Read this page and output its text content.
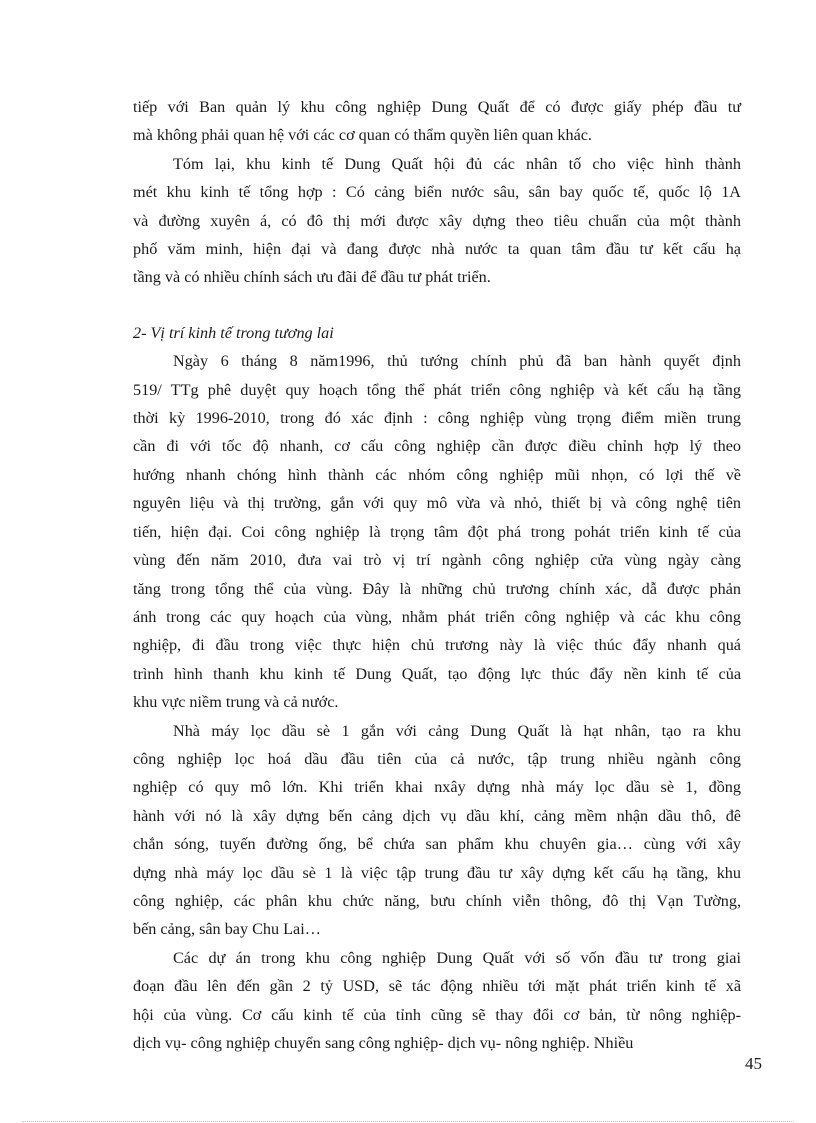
tiếp với Ban quản lý khu công nghiệp Dung Quất để có được giấy phép đầu tư
mà không phải quan hệ với các cơ quan có thẩm quyền liên quan khác.
Tóm lại, khu kinh tế Dung Quất hội đủ các nhân tố cho việc hình thành
mét khu kinh tế tổng hợp : Có cảng biển nước sâu, sân bay quốc tế, quốc lộ 1A
và đường xuyên á, có đô thị mới được xây dựng theo tiêu chuẩn của một thành
phố văm minh, hiện đại và đang được nhà nước ta quan tâm đầu tư kết cấu hạ
tầng và có nhiều chính sách ưu đãi để đầu tư phát triển.
2- Vị trí kinh tế trong tương lai
Ngày 6 tháng 8 năm1996, thủ tướng chính phủ đã ban hành quyết định
519/ TTg phê duyệt quy hoạch tổng thể phát triển công nghiệp và kết cấu hạ tầng
thời kỳ 1996-2010, trong đó xác định : công nghiệp vùng trọng điểm miền trung
cần đi với tốc độ nhanh, cơ cấu công nghiệp cần được điều chỉnh hợp lý theo
hướng nhanh chóng hình thành các nhóm công nghiệp mũi nhọn, có lợi thế về
nguyên liệu và thị trường, gắn với quy mô vừa và nhỏ, thiết bị và công nghệ tiên
tiến, hiện đại. Coi công nghiệp là trọng tâm đột phá trong pohát triển kinh tế của
vùng đến năm 2010, đưa vai trò vị trí ngành công nghiệp cửa vùng ngày càng
tăng trong tổng thể của vùng. Đây là những chủ trương chính xác, dẫ được phản
ánh trong các quy hoạch của vùng, nhằm phát triển công nghiệp và các khu công
nghiệp, đi đầu trong việc thực hiện chủ trương này là việc thúc đẩy nhanh quá
trình hình thanh khu kinh tế Dung Quất, tạo động lực thúc đẩy nền kinh tế của
khu vực niềm trung và cả nước.
Nhà máy lọc dầu sè 1 gắn với cảng Dung Quất là hạt nhân, tạo ra khu
công nghiệp lọc hoá dầu đầu tiên của cả nước, tập trung nhiều ngành công
nghiệp có quy mô lớn. Khi triển khai nxây dựng nhà máy lọc dầu sè 1, đồng
hành với nó là xây dựng bến cảng dịch vụ dầu khí, cảng mềm nhận dầu thô, đê
chắn sóng, tuyến đường ống, bể chứa san phẩm khu chuyên gia… cùng với xây
dựng nhà máy lọc dầu sè 1 là việc tập trung đầu tư xây dựng kết cấu hạ tầng, khu
công nghiệp, các phân khu chức năng, bưu chính viễn thông, đô thị Vạn Tường,
bến cảng, sân bay Chu Lai…
Các dự án trong khu công nghiệp Dung Quất với số vốn đầu tư trong giai
đoạn đầu lên đến gần 2 tỷ USD, sẽ tác động nhiều tới mặt phát triển kinh tế xã
hội của vùng. Cơ cấu kinh tế của tỉnh cũng sẽ thay đổi cơ bản, từ nông nghiệp-
dịch vụ- công nghiệp chuyển sang công nghiệp- dịch vụ- nông nghiệp. Nhiều
45
